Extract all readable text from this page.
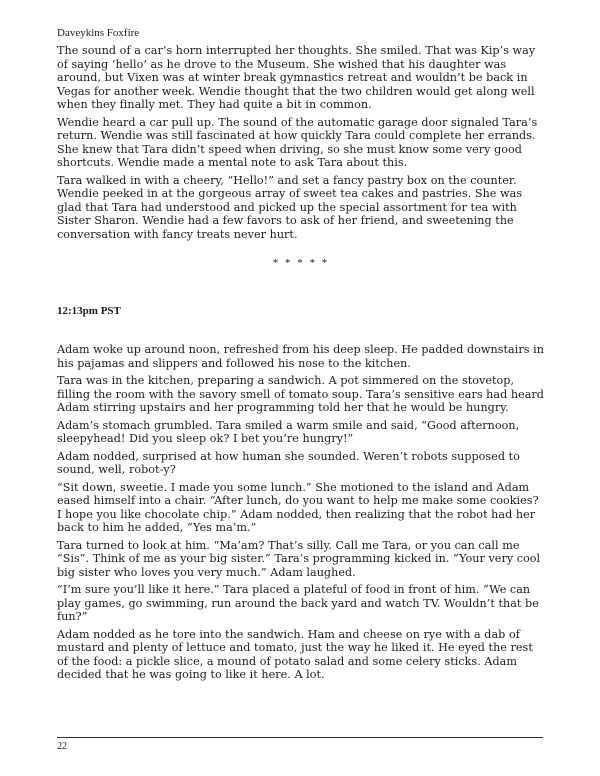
Daveykins Foxfire

The sound of a car’s horn interrupted her thoughts. She smiled. That was Kip’s way of saying ‘hello’ as he drove to the Museum. She wished that his daughter was around, but Vixen was at winter break gymnastics retreat and wouldn’t be back in Vegas for another week. Wendie thought that the two children would get along well when they finally met. They had quite a bit in common.

Wendie heard a car pull up. The sound of the automatic garage door signaled Tara’s return. Wendie was still fascinated at how quickly Tara could complete her errands. She knew that Tara didn’t speed when driving, so she must know some very good shortcuts. Wendie made a mental note to ask Tara about this.

Tara walked in with a cheery, “Hello!” and set a fancy pastry box on the counter. Wendie peeked in at the gorgeous array of sweet tea cakes and pastries. She was glad that Tara had understood and picked up the special assortment for tea with Sister Sharon. Wendie had a few favors to ask of her friend, and sweetening the conversation with fancy treats never hurt.

* * * * *
12:13pm PST

Adam woke up around noon, refreshed from his deep sleep. He padded downstairs in his pajamas and slippers and followed his nose to the kitchen.

Tara was in the kitchen, preparing a sandwich. A pot simmered on the stovetop, filling the room with the savory smell of tomato soup. Tara’s sensitive ears had heard Adam stirring upstairs and her programming told her that he would be hungry.

Adam’s stomach grumbled. Tara smiled a warm smile and said, “Good afternoon, sleepyhead! Did you sleep ok? I bet you’re hungry!”

Adam nodded, surprised at how human she sounded. Weren’t robots supposed to sound, well, robot-y?

“Sit down, sweetie. I made you some lunch.” She motioned to the island and Adam eased himself into a chair. “After lunch, do you want to help me make some cookies? I hope you like chocolate chip.” Adam nodded, then realizing that the robot had her back to him he added, “Yes ma’m.”

Tara turned to look at him. “Ma’am? That’s silly. Call me Tara, or you can call me “Sis”. Think of me as your big sister.” Tara’s programming kicked in. “Your very cool big sister who loves you very much.” Adam laughed.

“I’m sure you’ll like it here.” Tara placed a plateful of food in front of him. “We can play games, go swimming, run around the back yard and watch TV. Wouldn’t that be fun?”

Adam nodded as he tore into the sandwich. Ham and cheese on rye with a dab of mustard and plenty of lettuce and tomato, just the way he liked it. He eyed the rest of the food: a pickle slice, a mound of potato salad and some celery sticks. Adam decided that he was going to like it here. A lot.

22
